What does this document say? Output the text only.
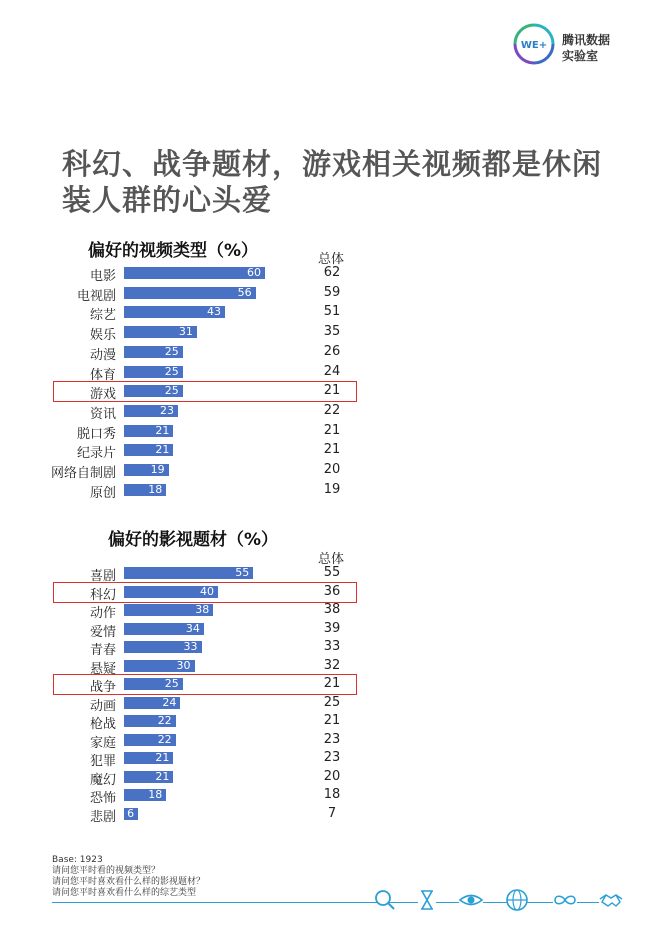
WE+ 腾讯数据
实验室
科幻、战争题材，游戏相关视频都是休闲装人群的心头爱
偏好的视频类型（%）	总体
电影	60	62
电视剧	56	59
综艺	43	51
娱乐	31	35
动漫	25	26
体育	25	24
游戏	25	21
资讯	23	22
脱口秀	21	21
纪录片	21	21
网络自制剧	19	20
原创	18	19
偏好的影视题材（%）
总体
喜剧	55	55
科幻	40	36
动作	38	38
爱情	34	39
青春	33	33
悬疑	30	32
战争	25	21
动画	24	25
枪战	22	21
家庭	22	23
犯罪	21	23
魔幻	21	20
恐怖	18	18
悲剧 6	7
Base: 1923
请问您平时看的视频类型？
请问您平时喜欢看什么样的影视题材？
请问您平时喜欢看什么样的综艺类型
